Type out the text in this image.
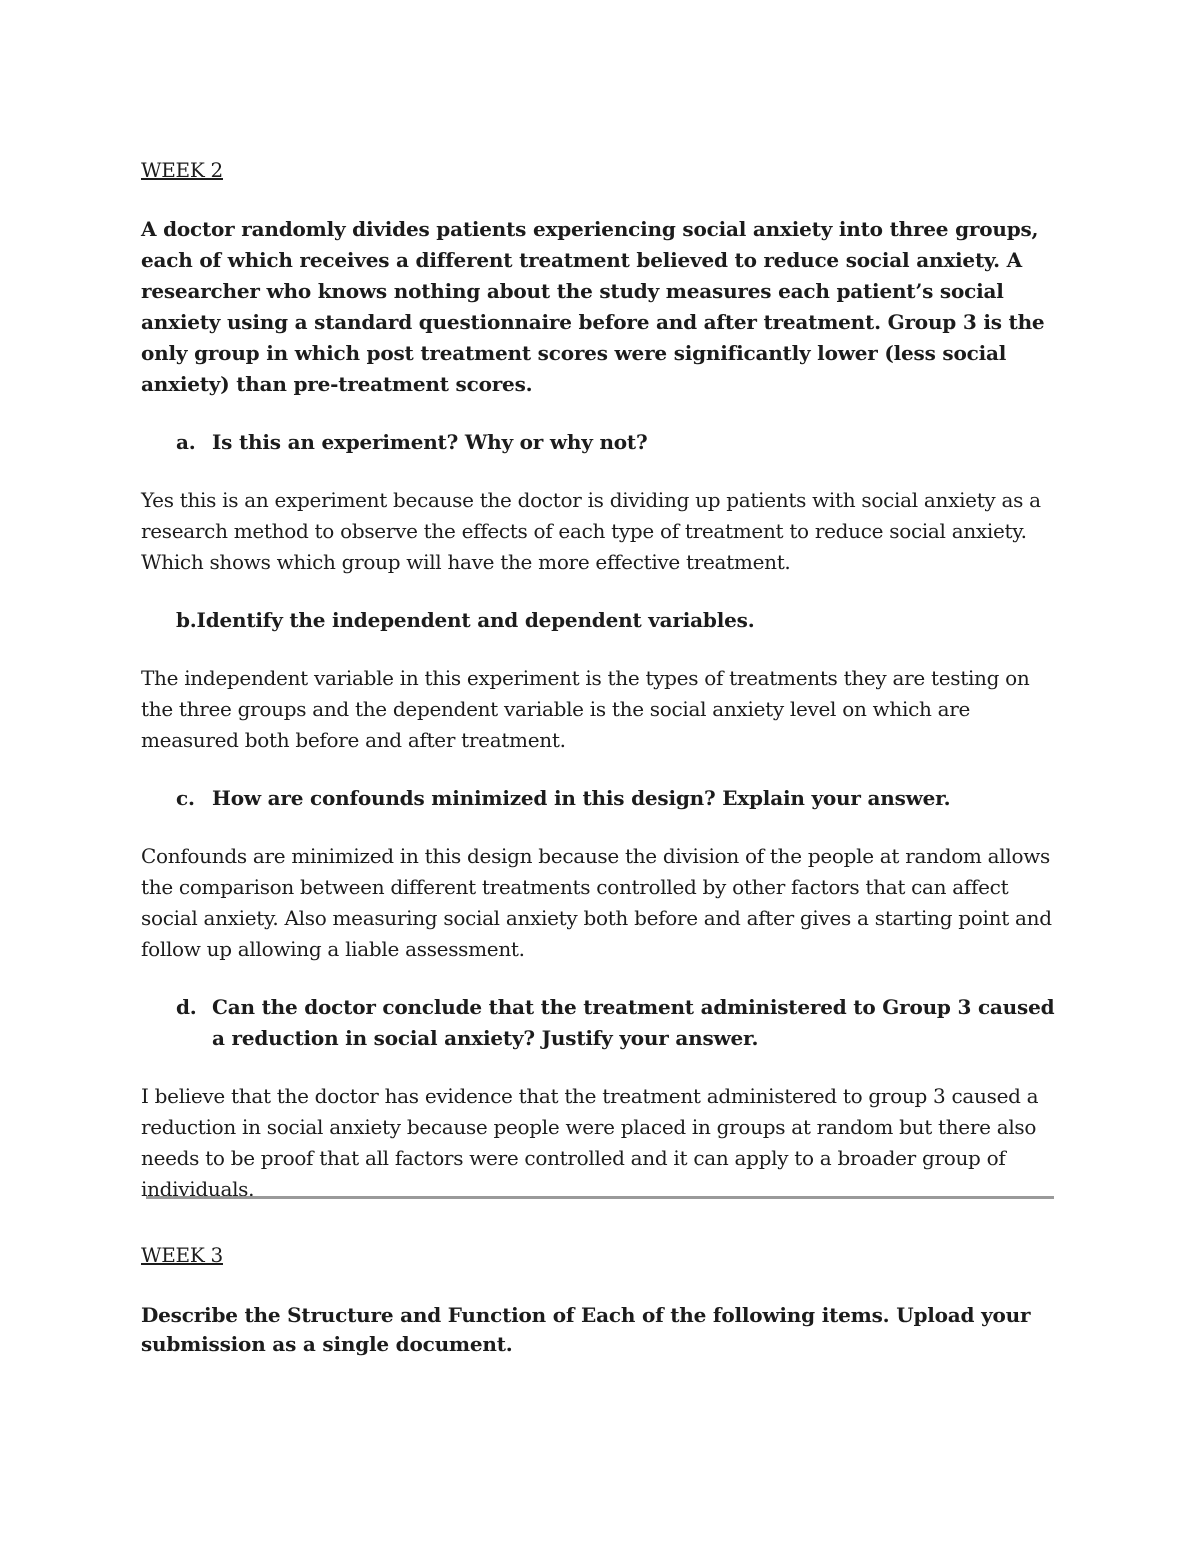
WEEK 2

A doctor randomly divides patients experiencing social anxiety into three groups, each of which receives a different treatment believed to reduce social anxiety. A researcher who knows nothing about the study measures each patient’s social anxiety using a standard questionnaire before and after treatment. Group 3 is the only group in which post treatment scores were significantly lower (less social anxiety) than pre-treatment scores.

a. Is this an experiment? Why or why not?

Yes this is an experiment because the doctor is dividing up patients with social anxiety as a research method to observe the effects of each type of treatment to reduce social anxiety. Which shows which group will have the more effective treatment.

b.Identify the independent and dependent variables.

The independent variable in this experiment is the types of treatments they are testing on the three groups and the dependent variable is the social anxiety level on which are measured both before and after treatment.

c. How are confounds minimized in this design? Explain your answer.

Confounds are minimized in this design because the division of the people at random allows the comparison between different treatments controlled by other factors that can affect social anxiety. Also measuring social anxiety both before and after gives a starting point and follow up allowing a liable assessment.

d. Can the doctor conclude that the treatment administered to Group 3 caused a reduction in social anxiety? Justify your answer.

I believe that the doctor has evidence that the treatment administered to group 3 caused a reduction in social anxiety because people were placed in groups at random but there also needs to be proof that all factors were controlled and it can apply to a broader group of individuals.

WEEK 3

Describe the Structure and Function of Each of the following items. Upload your submission as a single document.
